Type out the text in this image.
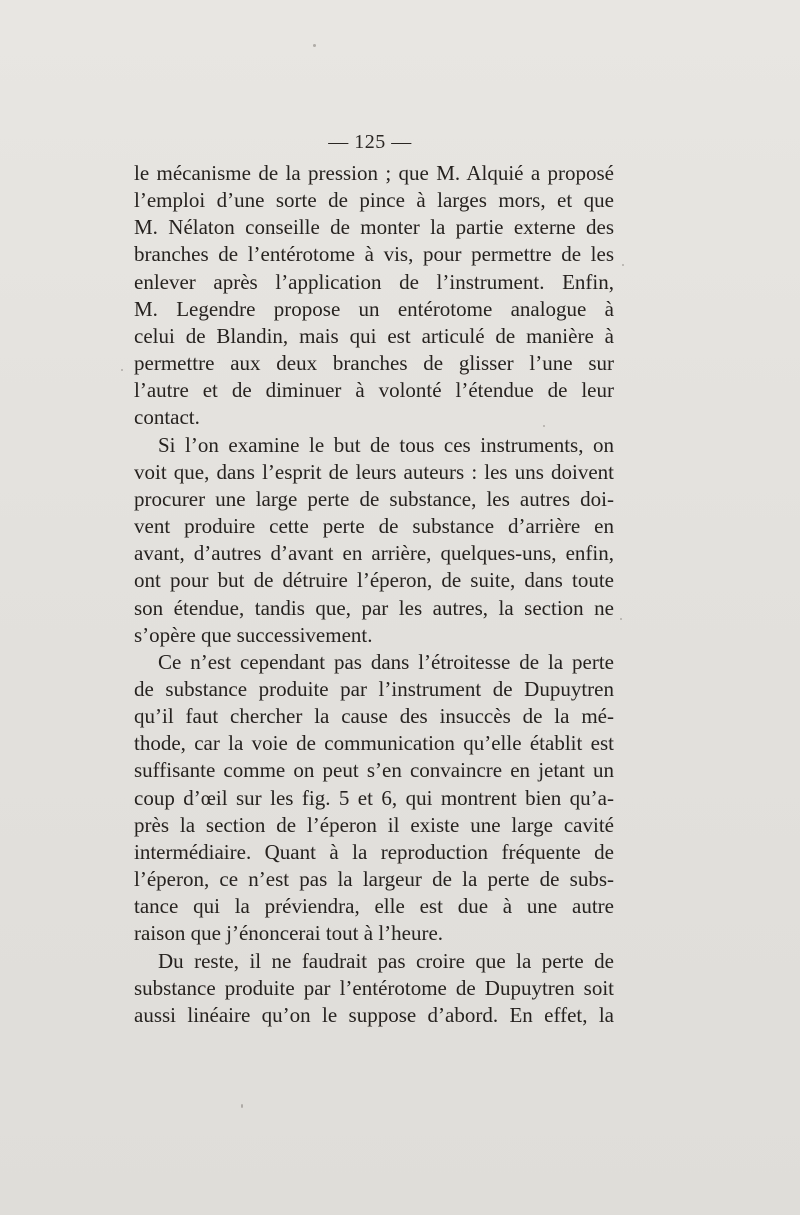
— 125 —
le mécanisme de la pression ; que M. Alquié a proposé
l’emploi d’une sorte de pince à larges mors, et que
M. Nélaton conseille de monter la partie externe des
branches de l’entérotome à vis, pour permettre de les
enlever après l’application de l’instrument. Enfin,
M. Legendre propose un entérotome analogue à
celui de Blandin, mais qui est articulé de manière à
permettre aux deux branches de glisser l’une sur
l’autre et de diminuer à volonté l’étendue de leur
contact.
Si l’on examine le but de tous ces instruments, on
voit que, dans l’esprit de leurs auteurs : les uns doivent
procurer une large perte de substance, les autres doi-
vent produire cette perte de substance d’arrière en
avant, d’autres d’avant en arrière, quelques-uns, enfin,
ont pour but de détruire l’éperon, de suite, dans toute
son étendue, tandis que, par les autres, la section ne
s’opère que successivement.
Ce n’est cependant pas dans l’étroitesse de la perte
de substance produite par l’instrument de Dupuytren
qu’il faut chercher la cause des insuccès de la mé-
thode, car la voie de communication qu’elle établit est
suffisante comme on peut s’en convaincre en jetant un
coup d’œil sur les fig. 5 et 6, qui montrent bien qu’a-
près la section de l’éperon il existe une large cavité
intermédiaire. Quant à la reproduction fréquente de
l’éperon, ce n’est pas la largeur de la perte de subs-
tance qui la préviendra, elle est due à une autre
raison que j’énoncerai tout à l’heure.
Du reste, il ne faudrait pas croire que la perte de
substance produite par l’entérotome de Dupuytren soit
aussi linéaire qu’on le suppose d’abord. En effet, la
